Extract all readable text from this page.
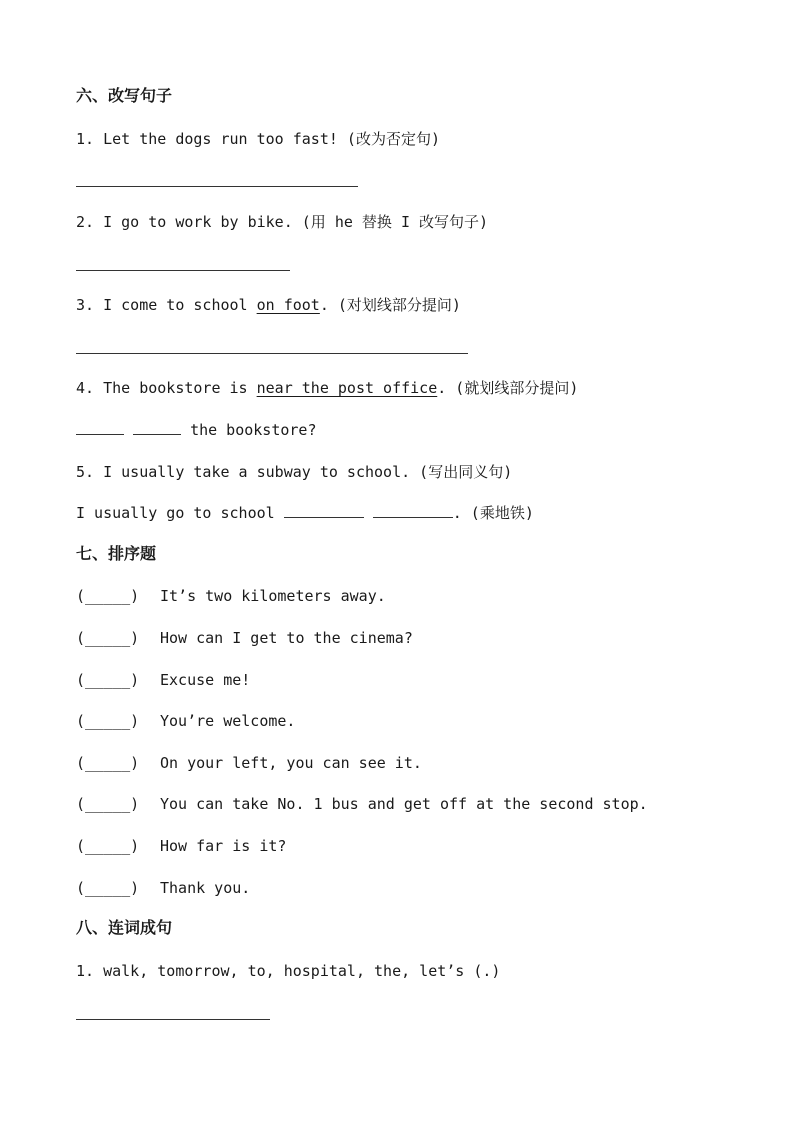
六、改写句子
1. Let the dogs run too fast! (改为否定句)
2. I go to work by bike. (用 he 替换 I 改写句子)
3. I come to school on foot. (对划线部分提问)
4. The bookstore is near the post office. (就划线部分提问)
the bookstore?
5. I usually take a subway to school. (写出同义句)
I usually go to school	. (乘地铁)
七、排序题
(_____) It’s two kilometers away.
(_____) How can I get to the cinema?
(_____) Excuse me!
(_____) You’re welcome.
(_____) On your left, you can see it.
(_____) You can take No. 1 bus and get off at the second stop.
(_____) How far is it?
(_____) Thank you.
八、连词成句
1. walk, tomorrow, to, hospital, the, let’s (.)
